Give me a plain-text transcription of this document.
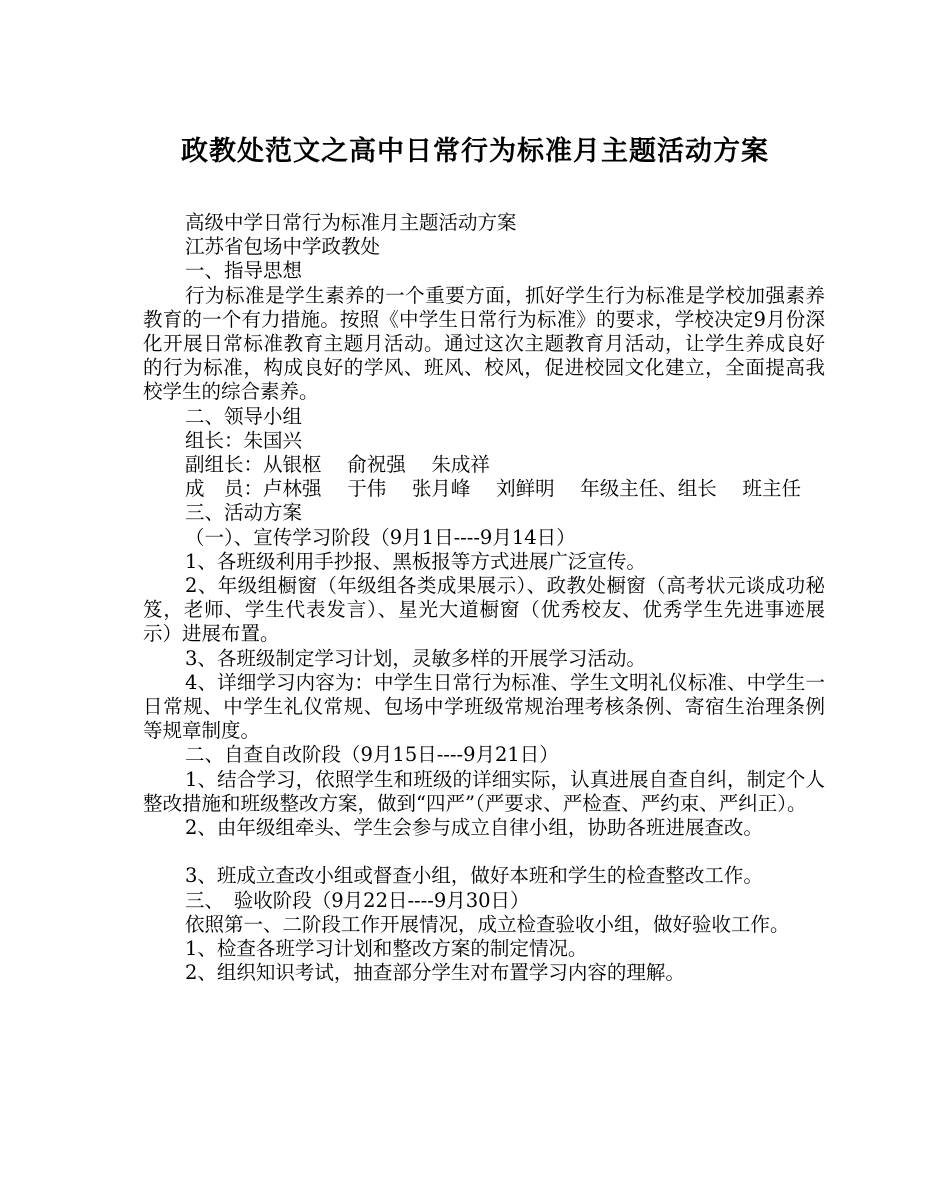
政教处范文之高中日常行为标准月主题活动方案

高级中学日常行为标准月主题活动方案

江苏省包场中学政教处

一、指导思想

行为标准是学生素养的一个重要方面，抓好学生行为标准是学校加强素养教育的一个有力措施。按照《中学生日常行为标准》的要求，学校决定9月份深化开展日常标准教育主题月活动。通过这次主题教育月活动，让学生养成良好的行为标准，构成良好的学风、班风、校风，促进校园文化建立，全面提高我校学生的综合素养。

二、领导小组

组长：朱国兴

副组长：从银枢　 俞祝强　 朱成祥

成　员：卢林强　 于伟　 张月峰　 刘鲜明　 年级主任、组长　 班主任

三、活动方案

（一）、宣传学习阶段（9月1日----9月14日）

1、各班级利用手抄报、黑板报等方式进展广泛宣传。

2、年级组橱窗（年级组各类成果展示）、政教处橱窗（高考状元谈成功秘笈，老师、学生代表发言）、星光大道橱窗（优秀校友、优秀学生先进事迹展示）进展布置。

3、各班级制定学习计划，灵敏多样的开展学习活动。

4、详细学习内容为：中学生日常行为标准、学生文明礼仪标准、中学生一日常规、中学生礼仪常规、包场中学班级常规治理考核条例、寄宿生治理条例等规章制度。

二、自查自改阶段（9月15日----9月21日）

1、结合学习，依照学生和班级的详细实际，认真进展自查自纠，制定个人整改措施和班级整改方案，做到“四严”（严要求、严检查、严约束、严纠正）。

2、由年级组牵头、学生会参与成立自律小组，协助各班进展查改。

3、班成立查改小组或督查小组，做好本班和学生的检查整改工作。

三、　验收阶段（9月22日----9月30日）

依照第一、二阶段工作开展情况，成立检查验收小组，做好验收工作。

1、检查各班学习计划和整改方案的制定情况。

2、组织知识考试，抽查部分学生对布置学习内容的理解。
